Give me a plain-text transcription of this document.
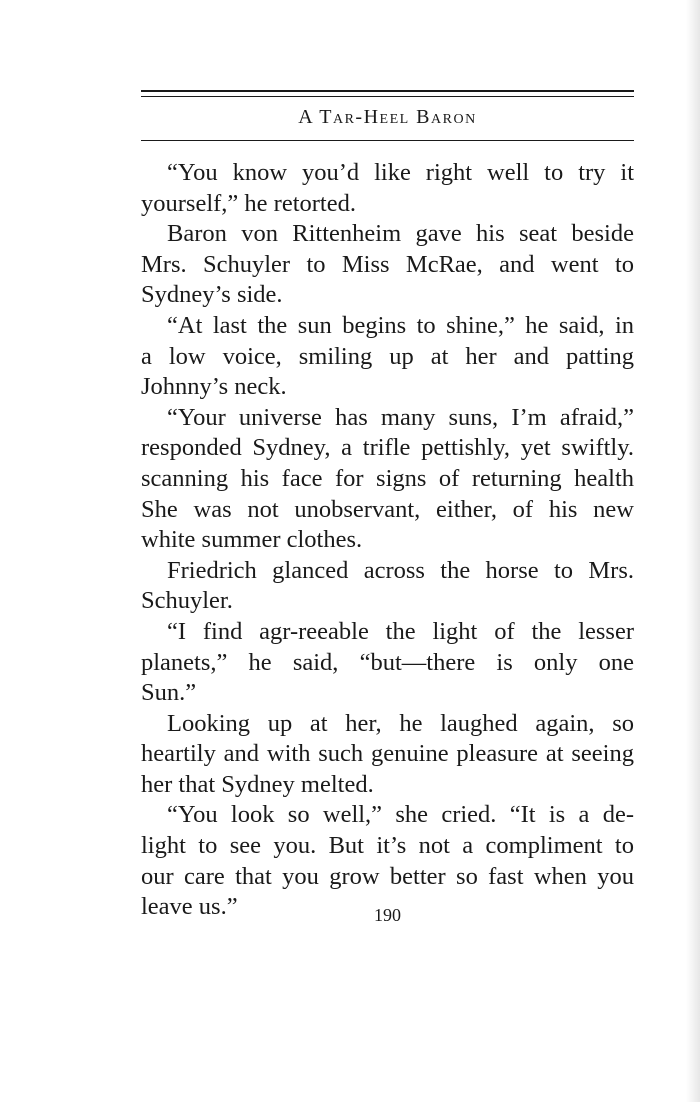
A Tar-Heel Baron
“You know you’d like right well to try it
yourself,” he retorted.
Baron von Rittenheim gave his seat beside
Mrs. Schuyler to Miss McRae, and went to
Sydney’s side.
“At last the sun begins to shine,” he said, in
a low voice, smiling up at her and patting
Johnny’s neck.
“Your universe has many suns, I’m afraid,”
responded Sydney, a trifle pettishly, yet swiftly.
scanning his face for signs of returning health
She was not unobservant, either, of his new
white summer clothes.
Friedrich glanced across the horse to Mrs.
Schuyler.
“I find agr-reeable the light of the lesser
planets,” he said, “but—there is only one
Sun.”
Looking up at her, he laughed again, so
heartily and with such genuine pleasure at seeing
her that Sydney melted.
“You look so well,” she cried. “It is a de-
light to see you. But it’s not a compliment to
our care that you grow better so fast when you
leave us.”	190
